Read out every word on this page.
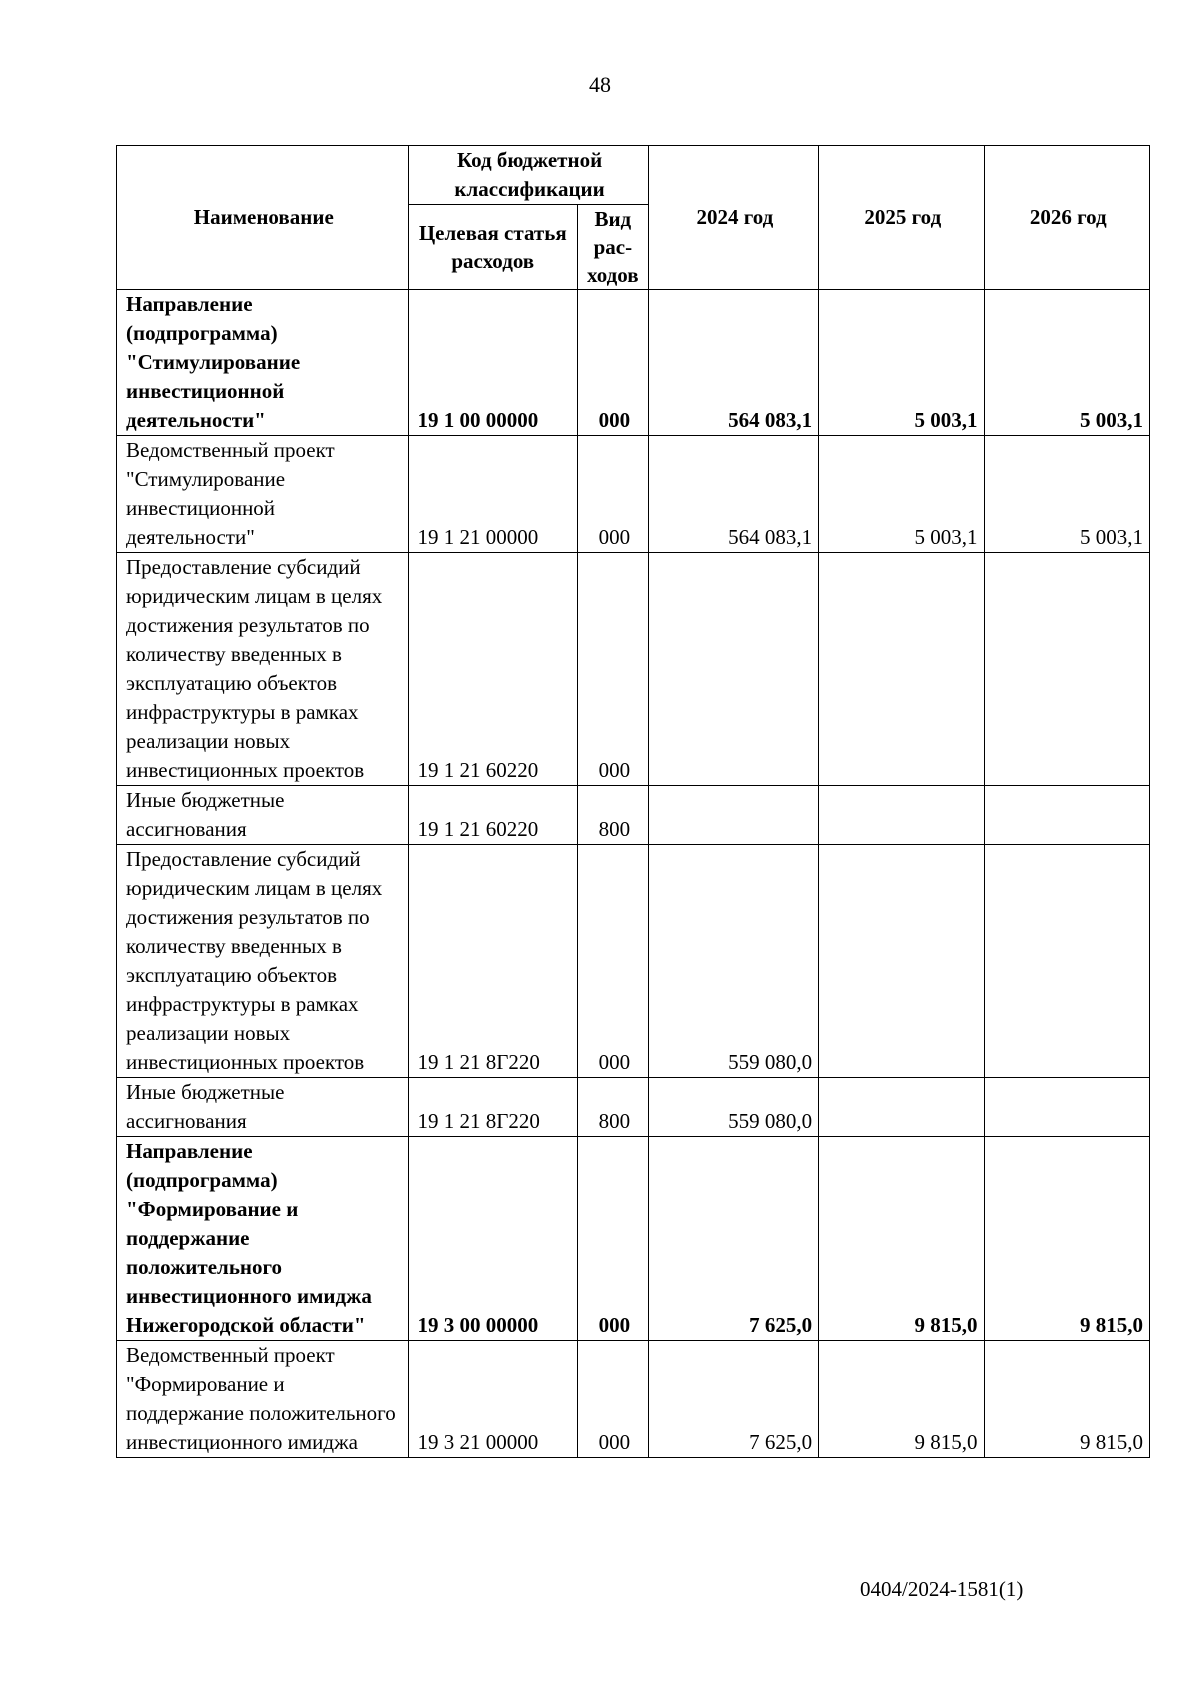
48
Наименование	Код бюджетной классификации		2024 год	2025 год	2026 год
	Целевая статья расходов	Вид рас-ходов			
Направление (подпрограмма) "Стимулирование инвестиционной деятельности"	19 1 00 00000	000	564 083,1	5 003,1	5 003,1
Ведомственный проект "Стимулирование инвестиционной деятельности"	19 1 21 00000	000	564 083,1	5 003,1	5 003,1
Предоставление субсидий юридическим лицам в целях достижения результатов по количеству введенных в эксплуатацию объектов инфраструктуры в рамках реализации новых инвестиционных проектов	19 1 21 60220	000			
Иные бюджетные ассигнования	19 1 21 60220	800			
Предоставление субсидий юридическим лицам в целях достижения результатов по количеству введенных в эксплуатацию объектов инфраструктуры в рамках реализации новых инвестиционных проектов	19 1 21 8Г220	000	559 080,0		
Иные бюджетные ассигнования	19 1 21 8Г220	800	559 080,0		
Направление (подпрограмма) "Формирование и поддержание положительного инвестиционного имиджа Нижегородской области"	19 3 00 00000	000	7 625,0	9 815,0	9 815,0
Ведомственный проект "Формирование и поддержание положительного инвестиционного имиджа	19 3 21 00000	000	7 625,0	9 815,0	9 815,0
0404/2024-1581(1)
